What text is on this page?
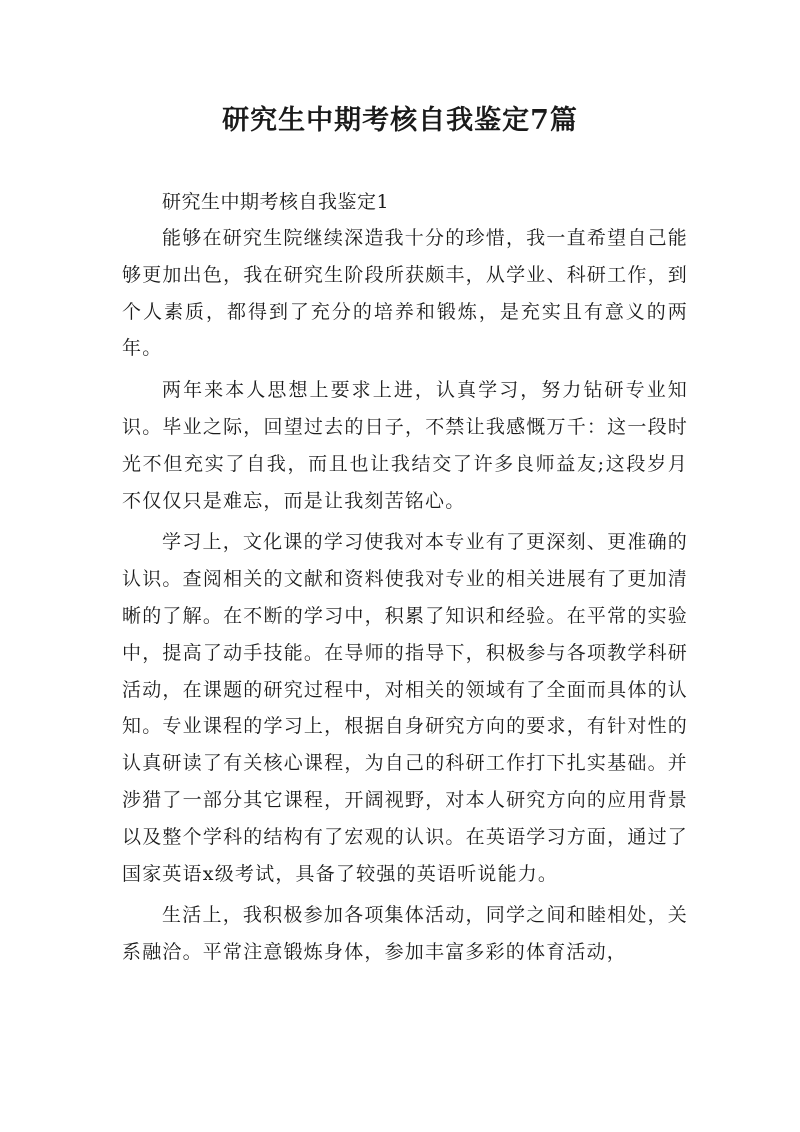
研究生中期考核自我鉴定7篇

研究生中期考核自我鉴定1

能够在研究生院继续深造我十分的珍惜，我一直希望自己能够更加出色，我在研究生阶段所获颇丰，从学业、科研工作，到个人素质，都得到了充分的培养和锻炼，是充实且有意义的两年。

两年来本人思想上要求上进，认真学习，努力钻研专业知识。毕业之际，回望过去的日子，不禁让我感慨万千：这一段时光不但充实了自我，而且也让我结交了许多良师益友;这段岁月不仅仅只是难忘，而是让我刻苦铭心。

学习上，文化课的学习使我对本专业有了更深刻、更准确的认识。查阅相关的文献和资料使我对专业的相关进展有了更加清晰的了解。在不断的学习中，积累了知识和经验。在平常的实验中，提高了动手技能。在导师的指导下，积极参与各项教学科研活动，在课题的研究过程中，对相关的领域有了全面而具体的认知。专业课程的学习上，根据自身研究方向的要求，有针对性的认真研读了有关核心课程，为自己的科研工作打下扎实基础。并涉猎了一部分其它课程，开阔视野，对本人研究方向的应用背景以及整个学科的结构有了宏观的认识。在英语学习方面，通过了国家英语x级考试，具备了较强的英语听说能力。

生活上，我积极参加各项集体活动，同学之间和睦相处，关系融洽。平常注意锻炼身体，参加丰富多彩的体育活动，
